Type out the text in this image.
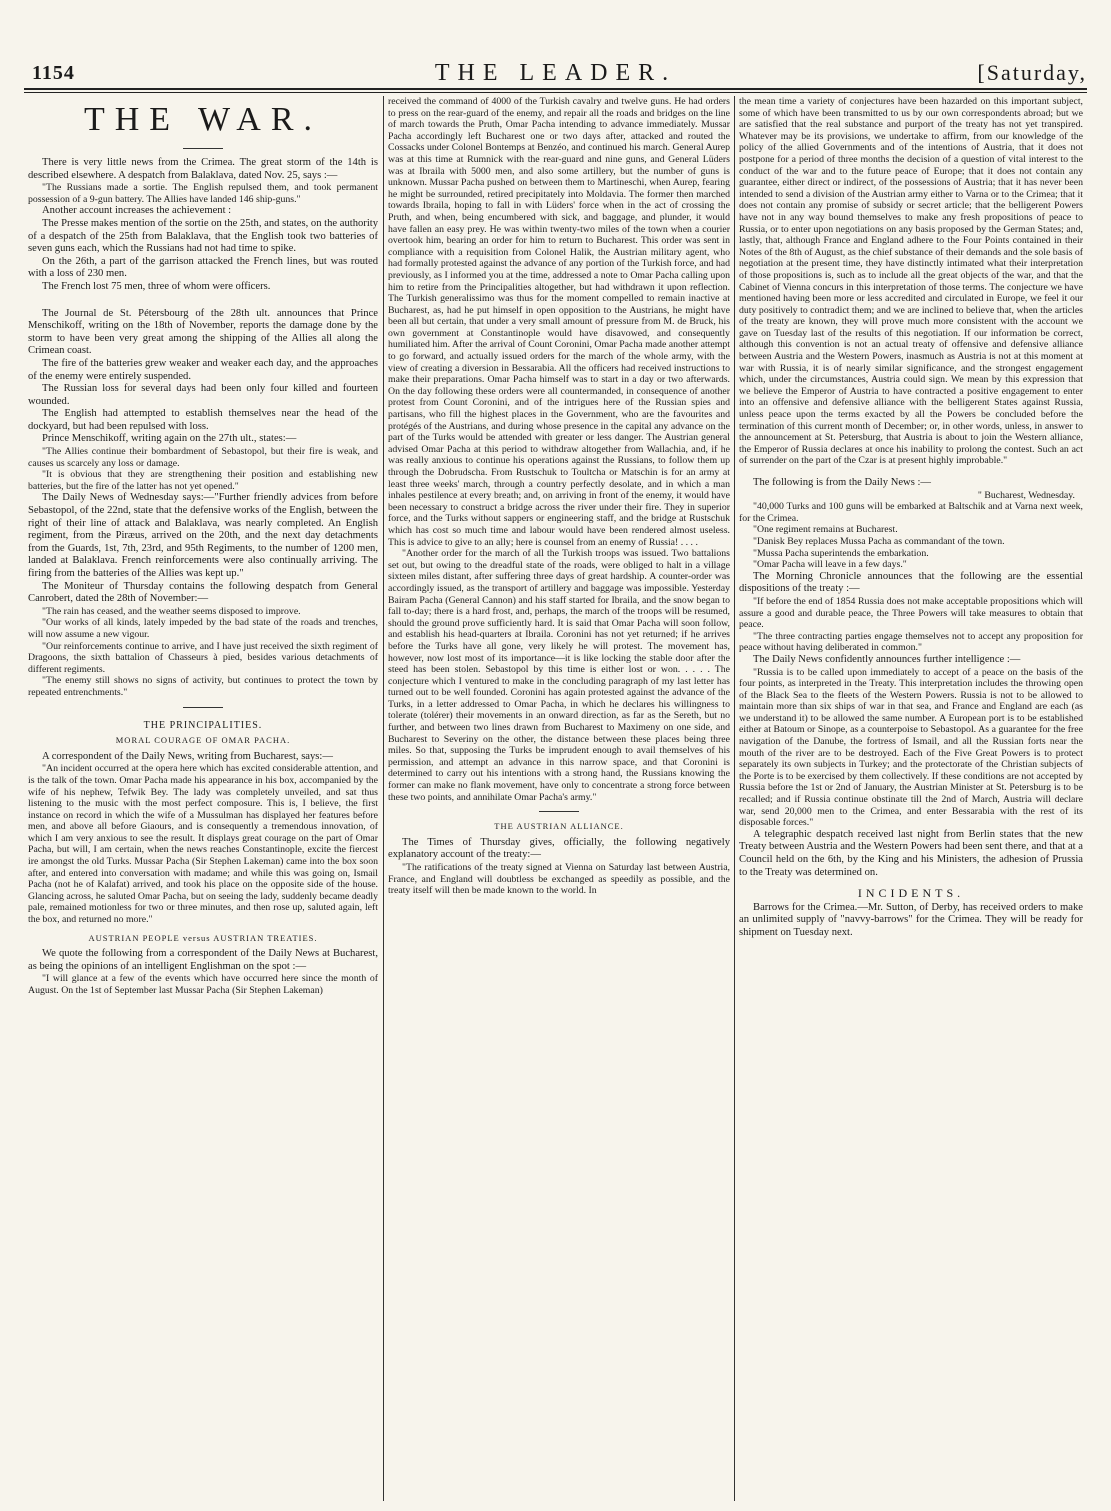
1154	THE LEADER.	[Saturday,
THE WAR.

There is very little news from the Crimea. The great storm of the 14th is described elsewhere. A despatch from Balaklava, dated Nov. 25, says :—

"The Russians made a sortie. The English repulsed them, and took permanent possession of a 9-gun battery. The Allies have landed 146 ship-guns."

Another account increases the achievement :

The Presse makes mention of the sortie on the 25th, and states, on the authority of a despatch of the 25th from Balaklava, that the English took two batteries of seven guns each, which the Russians had not had time to spike.

On the 26th, a part of the garrison attacked the French lines, but was routed with a loss of 230 men.

The French lost 75 men, three of whom were officers.

The Journal de St. Pétersbourg of the 28th ult. announces that Prince Menschikoff, writing on the 18th of November, reports the damage done by the storm to have been very great among the shipping of the Allies all along the Crimean coast.

The fire of the batteries grew weaker and weaker each day, and the approaches of the enemy were entirely suspended.

The Russian loss for several days had been only four killed and fourteen wounded.

The English had attempted to establish themselves near the head of the dockyard, but had been repulsed with loss.

Prince Menschikoff, writing again on the 27th ult., states:—

"The Allies continue their bombardment of Sebastopol, but their fire is weak, and causes us scarcely any loss or damage.

"It is obvious that they are strengthening their position and establishing new batteries, but the fire of the latter has not yet opened."

The Daily News of Wednesday says:—"Further friendly advices from before Sebastopol, of the 22nd, state that the defensive works of the English, between the right of their line of attack and Balaklava, was nearly completed. An English regiment, from the Piræus, arrived on the 20th, and the next day detachments from the Guards, 1st, 7th, 23rd, and 95th Regiments, to the number of 1200 men, landed at Balaklava. French reinforcements were also continually arriving. The firing from the batteries of the Allies was kept up."

The Moniteur of Thursday contains the following despatch from General Canrobert, dated the 28th of November:—

"The rain has ceased, and the weather seems disposed to improve.

"Our works of all kinds, lately impeded by the bad state of the roads and trenches, will now assume a new vigour.

"Our reinforcements continue to arrive, and I have just received the sixth regiment of Dragoons, the sixth battalion of Chasseurs à pied, besides various detachments of different regiments.

"The enemy still shows no signs of activity, but continues to protect the town by repeated entrenchments."

THE PRINCIPALITIES.
MORAL COURAGE OF OMAR PACHA.

A correspondent of the Daily News, writing from Bucharest, says:—

"An incident occurred at the opera here which has excited considerable attention, and is the talk of the town. Omar Pacha made his appearance in his box, accompanied by the wife of his nephew, Tefwik Bey. The lady was completely unveiled, and sat thus listening to the music with the most perfect composure. This is, I believe, the first instance on record in which the wife of a Mussulman has displayed her features before men, and above all before Giaours, and is consequently a tremendous innovation, of which I am very anxious to see the result. It displays great courage on the part of Omar Pacha, but will, I am certain, when the news reaches Constantinople, excite the fiercest ire amongst the old Turks. Mussar Pacha (Sir Stephen Lakeman) came into the box soon after, and entered into conversation with madame; and while this was going on, Ismail Pacha (not he of Kalafat) arrived, and took his place on the opposite side of the house. Glancing across, he saluted Omar Pacha, but on seeing the lady, suddenly became deadly pale, remained motionless for two or three minutes, and then rose up, saluted again, left the box, and returned no more."

AUSTRIAN PEOPLE versus AUSTRIAN TREATIES.

We quote the following from a correspondent of the Daily News at Bucharest, as being the opinions of an intelligent Englishman on the spot :—

"I will glance at a few of the events which have occurred here since the month of August. On the 1st of September last Mussar Pacha (Sir Stephen Lakeman)

received the command of 4000 of the Turkish cavalry and twelve guns. He had orders to press on the rear-guard of the enemy, and repair all the roads and bridges on the line of march towards the Pruth, Omar Pacha intending to advance immediately. Mussar Pacha accordingly left Bucharest one or two days after, attacked and routed the Cossacks under Colonel Bontemps at Benzéo, and continued his march. General Aurep was at this time at Rumnick with the rear-guard and nine guns, and General Lüders was at Ibraila with 5000 men, and also some artillery, but the number of guns is unknown. Mussar Pacha pushed on between them to Martineschi, when Aurep, fearing he might be surrounded, retired precipitately into Moldavia. The former then marched towards Ibraila, hoping to fall in with Lüders' force when in the act of crossing the Pruth, and when, being encumbered with sick, and baggage, and plunder, it would have fallen an easy prey. He was within twenty-two miles of the town when a courier overtook him, bearing an order for him to return to Bucharest. This order was sent in compliance with a requisition from Colonel Halik, the Austrian military agent, who had formally protested against the advance of any portion of the Turkish force, and had previously, as I informed you at the time, addressed a note to Omar Pacha calling upon him to retire from the Principalities altogether, but had withdrawn it upon reflection. The Turkish generalissimo was thus for the moment compelled to remain inactive at Bucharest, as, had he put himself in open opposition to the Austrians, he might have been all but certain, that under a very small amount of pressure from M. de Bruck, his own government at Constantinople would have disavowed, and consequently humiliated him. After the arrival of Count Coronini, Omar Pacha made another attempt to go forward, and actually issued orders for the march of the whole army, with the view of creating a diversion in Bessarabia. All the officers had received instructions to make their preparations. Omar Pacha himself was to start in a day or two afterwards. On the day following these orders were all countermanded, in consequence of another protest from Count Coronini, and of the intrigues here of the Russian spies and partisans, who fill the highest places in the Government, who are the favourites and protégés of the Austrians, and during whose presence in the capital any advance on the part of the Turks would be attended with greater or less danger. The Austrian general advised Omar Pacha at this period to withdraw altogether from Wallachia, and, if he was really anxious to continue his operations against the Russians, to follow them up through the Dobrudscha. From Rustschuk to Toultcha or Matschin is for an army at least three weeks' march, through a country perfectly desolate, and in which a man inhales pestilence at every breath; and, on arriving in front of the enemy, it would have been necessary to construct a bridge across the river under their fire. They in superior force, and the Turks without sappers or engineering staff, and the bridge at Rustschuk which has cost so much time and labour would have been rendered almost useless. This is advice to give to an ally; here is counsel from an enemy of Russia! . . . .

"Another order for the march of all the Turkish troops was issued. Two battalions set out, but owing to the dreadful state of the roads, were obliged to halt in a village sixteen miles distant, after suffering three days of great hardship. A counter-order was accordingly issued, as the transport of artillery and baggage was impossible. Yesterday Bairam Pacha (General Cannon) and his staff started for Ibraila, and the snow began to fall to-day; there is a hard frost, and, perhaps, the march of the troops will be resumed, should the ground prove sufficiently hard. It is said that Omar Pacha will soon follow, and establish his head-quarters at Ibraila. Coronini has not yet returned; if he arrives before the Turks have all gone, very likely he will protest. The movement has, however, now lost most of its importance—it is like locking the stable door after the steed has been stolen. Sebastopol by this time is either lost or won. . . . . The conjecture which I ventured to make in the concluding paragraph of my last letter has turned out to be well founded. Coronini has again protested against the advance of the Turks, in a letter addressed to Omar Pacha, in which he declares his willingness to tolerate (tolérer) their movements in an onward direction, as far as the Sereth, but no further, and between two lines drawn from Bucharest to Maximeny on one side, and Bucharest to Severiny on the other, the distance between these places being three miles. So that, supposing the Turks be imprudent enough to avail themselves of his permission, and attempt an advance in this narrow space, and that Coronini is determined to carry out his intentions with a strong hand, the Russians knowing the former can make no flank movement, have only to concentrate a strong force between these two points, and annihilate Omar Pacha's army."

THE AUSTRIAN ALLIANCE.

The Times of Thursday gives, officially, the following negatively explanatory account of the treaty:—

"The ratifications of the treaty signed at Vienna on Saturday last between Austria, France, and England will doubtless be exchanged as speedily as possible, and the treaty itself will then be made known to the world. In

the mean time a variety of conjectures have been hazarded on this important subject, some of which have been transmitted to us by our own correspondents abroad; but we are satisfied that the real substance and purport of the treaty has not yet transpired. Whatever may be its provisions, we undertake to affirm, from our knowledge of the policy of the allied Governments and of the intentions of Austria, that it does not postpone for a period of three months the decision of a question of vital interest to the conduct of the war and to the future peace of Europe; that it does not contain any guarantee, either direct or indirect, of the possessions of Austria; that it has never been intended to send a division of the Austrian army either to Varna or to the Crimea; that it does not contain any promise of subsidy or secret article; that the belligerent Powers have not in any way bound themselves to make any fresh propositions of peace to Russia, or to enter upon negotiations on any basis proposed by the German States; and, lastly, that, although France and England adhere to the Four Points contained in their Notes of the 8th of August, as the chief substance of their demands and the sole basis of negotiation at the present time, they have distinctly intimated what their interpretation of those propositions is, such as to include all the great objects of the war, and that the Cabinet of Vienna concurs in this interpretation of those terms. The conjecture we have mentioned having been more or less accredited and circulated in Europe, we feel it our duty positively to contradict them; and we are inclined to believe that, when the articles of the treaty are known, they will prove much more consistent with the account we gave on Tuesday last of the results of this negotiation. If our information be correct, although this convention is not an actual treaty of offensive and defensive alliance between Austria and the Western Powers, inasmuch as Austria is not at this moment at war with Russia, it is of nearly similar significance, and the strongest engagement which, under the circumstances, Austria could sign. We mean by this expression that we believe the Emperor of Austria to have contracted a positive engagement to enter into an offensive and defensive alliance with the belligerent States against Russia, unless peace upon the terms exacted by all the Powers be concluded before the termination of this current month of December; or, in other words, unless, in answer to the announcement at St. Petersburg, that Austria is about to join the Western alliance, the Emperor of Russia declares at once his inability to prolong the contest. Such an act of surrender on the part of the Czar is at present highly improbable."

The following is from the Daily News :—

" Bucharest, Wednesday.

"40,000 Turks and 100 guns will be embarked at Baltschik and at Varna next week, for the Crimea.

"One regiment remains at Bucharest.

"Danisk Bey replaces Mussa Pacha as commandant of the town.

"Mussa Pacha superintends the embarkation.

"Omar Pacha will leave in a few days."

The Morning Chronicle announces that the following are the essential dispositions of the treaty :—

"If before the end of 1854 Russia does not make acceptable propositions which will assure a good and durable peace, the Three Powers will take measures to obtain that peace.

"The three contracting parties engage themselves not to accept any proposition for peace without having deliberated in common."

The Daily News confidently announces further intelligence :—

"Russia is to be called upon immediately to accept of a peace on the basis of the four points, as interpreted in the Treaty. This interpretation includes the throwing open of the Black Sea to the fleets of the Western Powers. Russia is not to be allowed to maintain more than six ships of war in that sea, and France and England are each (as we understand it) to be allowed the same number. A European port is to be established either at Batoum or Sinope, as a counterpoise to Sebastopol. As a guarantee for the free navigation of the Danube, the fortress of Ismail, and all the Russian forts near the mouth of the river are to be destroyed. Each of the Five Great Powers is to protect separately its own subjects in Turkey; and the protectorate of the Christian subjects of the Porte is to be exercised by them collectively. If these conditions are not accepted by Russia before the 1st or 2nd of January, the Austrian Minister at St. Petersburg is to be recalled; and if Russia continue obstinate till the 2nd of March, Austria will declare war, send 20,000 men to the Crimea, and enter Bessarabia with the rest of its disposable forces."

A telegraphic despatch received last night from Berlin states that the new Treaty between Austria and the Western Powers had been sent there, and that at a Council held on the 6th, by the King and his Ministers, the adhesion of Prussia to the Treaty was determined on.

INCIDENTS.

Barrows for the Crimea.—Mr. Sutton, of Derby, has received orders to make an unlimited supply of "navvy-barrows" for the Crimea. They will be ready for shipment on Tuesday next.
